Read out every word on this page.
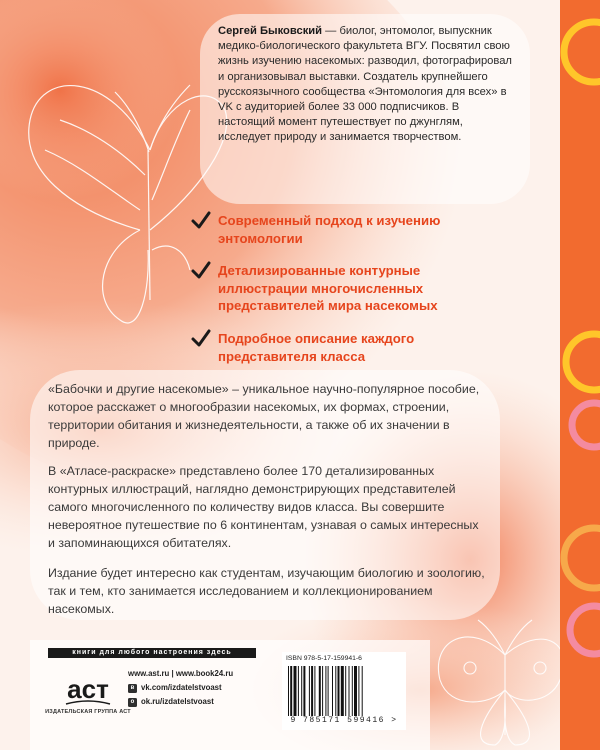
Сергей Быковский — биолог, энтомолог, выпускник медико-биологического факультета ВГУ. Посвятил свою жизнь изучению насекомых: разводил, фотографировал и организовывал выставки. Создатель крупнейшего русскоязычного сообщества «Энтомология для всех» в VK с аудиторией более 33 000 подписчиков. В настоящий момент путешествует по джунглям, исследует природу и занимается творчеством.
Современный подход к изучению энтомологии
Детализированные контурные иллюстрации многочисленных представителей мира насекомых
Подробное описание каждого представителя класса

«Бабочки и другие насекомые» – уникальное научно-популярное пособие, которое расскажет о многообразии насекомых, их формах, строении, территории обитания и жизнедеятельности, а также об их значении в природе.

В «Атласе-раскраске» представлено более 170 детализированных контурных иллюстраций, наглядно демонстрирующих представителей самого многочисленного по количеству видов класса. Вы совершите невероятное путешествие по 6 континентам, узнавая о самых интересных и запоминающихся обитателях.

Издание будет интересно как студентам, изучающим биологию и зоологию, так и тем, кто занимается исследованием и коллекционированием насекомых.

книги для любого настроения здесь
аст
ИЗДАТЕЛЬСКАЯ ГРУППА АСТ
www.ast.ru | www.book24.ru
в vk.com/izdatelstvoast
о ok.ru/izdatelstvoast
ISBN 978-5-17-159941-6
9 785171 599416 >
